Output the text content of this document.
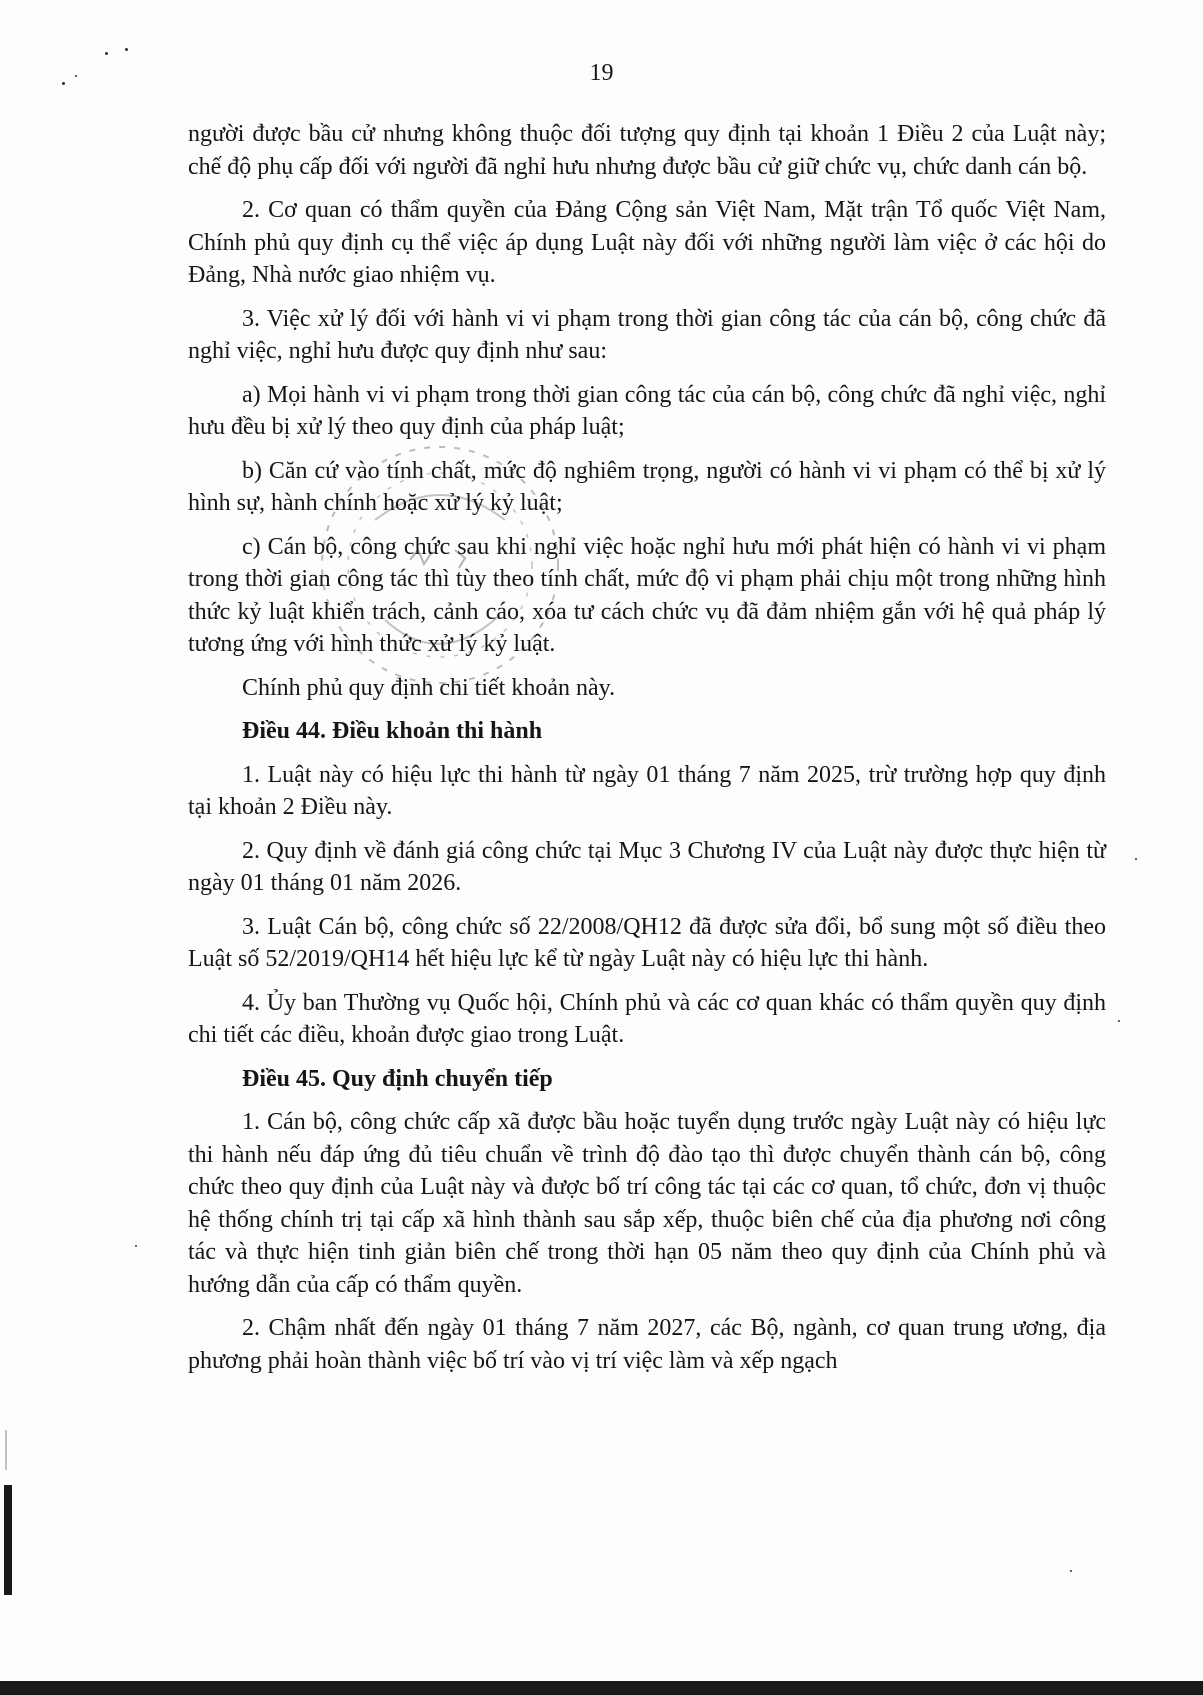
19

người được bầu cử nhưng không thuộc đối tượng quy định tại khoản 1 Điều 2 của Luật này; chế độ phụ cấp đối với người đã nghỉ hưu nhưng được bầu cử giữ chức vụ, chức danh cán bộ.

2. Cơ quan có thẩm quyền của Đảng Cộng sản Việt Nam, Mặt trận Tổ quốc Việt Nam, Chính phủ quy định cụ thể việc áp dụng Luật này đối với những người làm việc ở các hội do Đảng, Nhà nước giao nhiệm vụ.

3. Việc xử lý đối với hành vi vi phạm trong thời gian công tác của cán bộ, công chức đã nghỉ việc, nghỉ hưu được quy định như sau:

a) Mọi hành vi vi phạm trong thời gian công tác của cán bộ, công chức đã nghỉ việc, nghỉ hưu đều bị xử lý theo quy định của pháp luật;

b) Căn cứ vào tính chất, mức độ nghiêm trọng, người có hành vi vi phạm có thể bị xử lý hình sự, hành chính hoặc xử lý kỷ luật;

c) Cán bộ, công chức sau khi nghỉ việc hoặc nghỉ hưu mới phát hiện có hành vi vi phạm trong thời gian công tác thì tùy theo tính chất, mức độ vi phạm phải chịu một trong những hình thức kỷ luật khiển trách, cảnh cáo, xóa tư cách chức vụ đã đảm nhiệm gắn với hệ quả pháp lý tương ứng với hình thức xử lý kỷ luật.

Chính phủ quy định chi tiết khoản này.

Điều 44. Điều khoản thi hành

1. Luật này có hiệu lực thi hành từ ngày 01 tháng 7 năm 2025, trừ trường hợp quy định tại khoản 2 Điều này.

2. Quy định về đánh giá công chức tại Mục 3 Chương IV của Luật này được thực hiện từ ngày 01 tháng 01 năm 2026.

3. Luật Cán bộ, công chức số 22/2008/QH12 đã được sửa đổi, bổ sung một số điều theo Luật số 52/2019/QH14 hết hiệu lực kể từ ngày Luật này có hiệu lực thi hành.

4. Ủy ban Thường vụ Quốc hội, Chính phủ và các cơ quan khác có thẩm quyền quy định chi tiết các điều, khoản được giao trong Luật.

Điều 45. Quy định chuyển tiếp

1. Cán bộ, công chức cấp xã được bầu hoặc tuyển dụng trước ngày Luật này có hiệu lực thi hành nếu đáp ứng đủ tiêu chuẩn về trình độ đào tạo thì được chuyển thành cán bộ, công chức theo quy định của Luật này và được bố trí công tác tại các cơ quan, tổ chức, đơn vị thuộc hệ thống chính trị tại cấp xã hình thành sau sắp xếp, thuộc biên chế của địa phương nơi công tác và thực hiện tinh giản biên chế trong thời hạn 05 năm theo quy định của Chính phủ và hướng dẫn của cấp có thẩm quyền.

2. Chậm nhất đến ngày 01 tháng 7 năm 2027, các Bộ, ngành, cơ quan trung ương, địa phương phải hoàn thành việc bố trí vào vị trí việc làm và xếp ngạch
